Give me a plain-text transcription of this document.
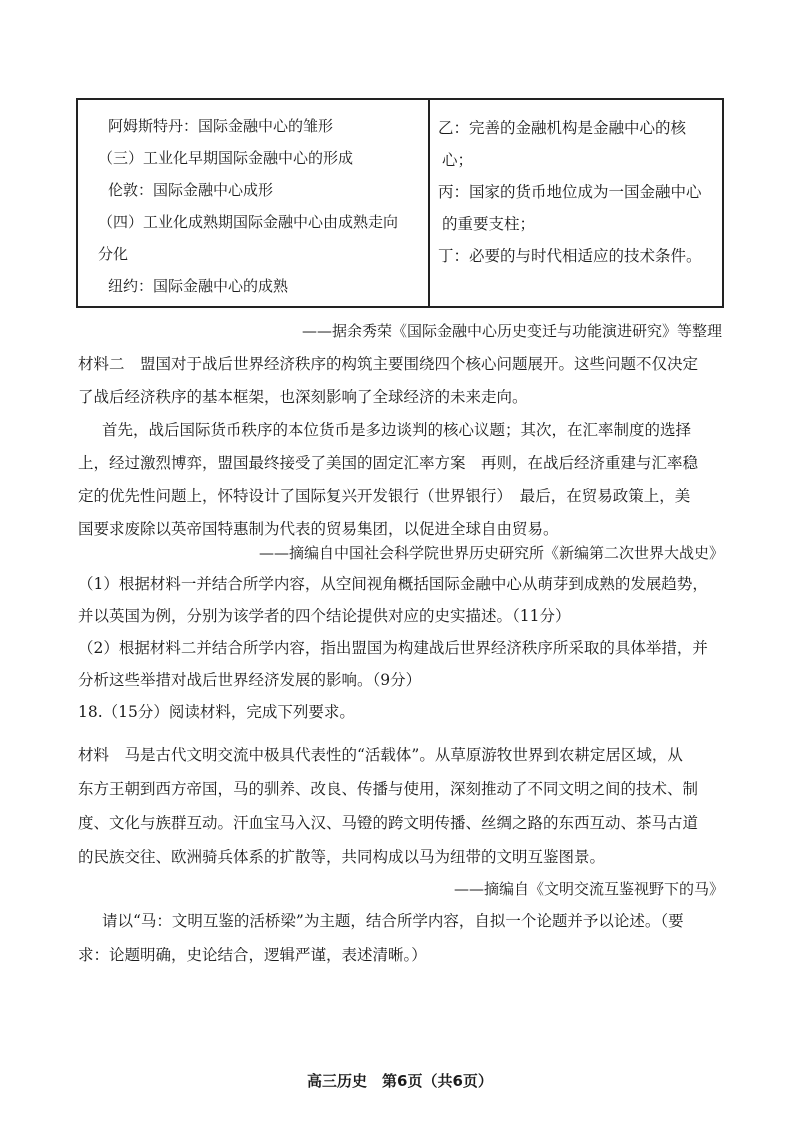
阿姆斯特丹：国际金融中心的雏形
（三）工业化早期国际金融中心的形成
伦敦：国际金融中心成形
（四）工业化成熟期国际金融中心由成熟走向
分化
纽约：国际金融中心的成熟
乙：完善的金融机构是金融中心的核
心；
丙：国家的货币地位成为一国金融中心
的重要支柱；
丁：必要的与时代相适应的技术条件。
——据余秀荣《国际金融中心历史变迁与功能演进研究》等整理
材料二　盟国对于战后世界经济秩序的构筑主要围绕四个核心问题展开。这些问题不仅决定
了战后经济秩序的基本框架，也深刻影响了全球经济的未来走向。
首先，战后国际货币秩序的本位货币是多边谈判的核心议题；其次，在汇率制度的选择
上，经过激烈博弈，盟国最终接受了美国的固定汇率方案　再则，在战后经济重建与汇率稳
定的优先性问题上，怀特设计了国际复兴开发银行（世界银行）　最后，在贸易政策上，美
国要求废除以英帝国特惠制为代表的贸易集团，以促进全球自由贸易。
——摘编自中国社会科学院世界历史研究所《新编第二次世界大战史》
（1）根据材料一并结合所学内容，从空间视角概括国际金融中心从萌芽到成熟的发展趋势，
并以英国为例，分别为该学者的四个结论提供对应的史实描述。（11分）
（2）根据材料二并结合所学内容，指出盟国为构建战后世界经济秩序所采取的具体举措，并
分析这些举措对战后世界经济发展的影响。（9分）
18.（15分）阅读材料，完成下列要求。
材料　马是古代文明交流中极具代表性的“活载体”。从草原游牧世界到农耕定居区域，从
东方王朝到西方帝国，马的驯养、改良、传播与使用，深刻推动了不同文明之间的技术、制
度、文化与族群互动。汗血宝马入汉、马镫的跨文明传播、丝绸之路的东西互动、茶马古道
的民族交往、欧洲骑兵体系的扩散等，共同构成以马为纽带的文明互鉴图景。
——摘编自《文明交流互鉴视野下的马》
请以“马：文明互鉴的活桥梁”为主题，结合所学内容，自拟一个论题并予以论述。（要
求：论题明确，史论结合，逻辑严谨，表述清晰。）
高三历史　第6页（共6页）
